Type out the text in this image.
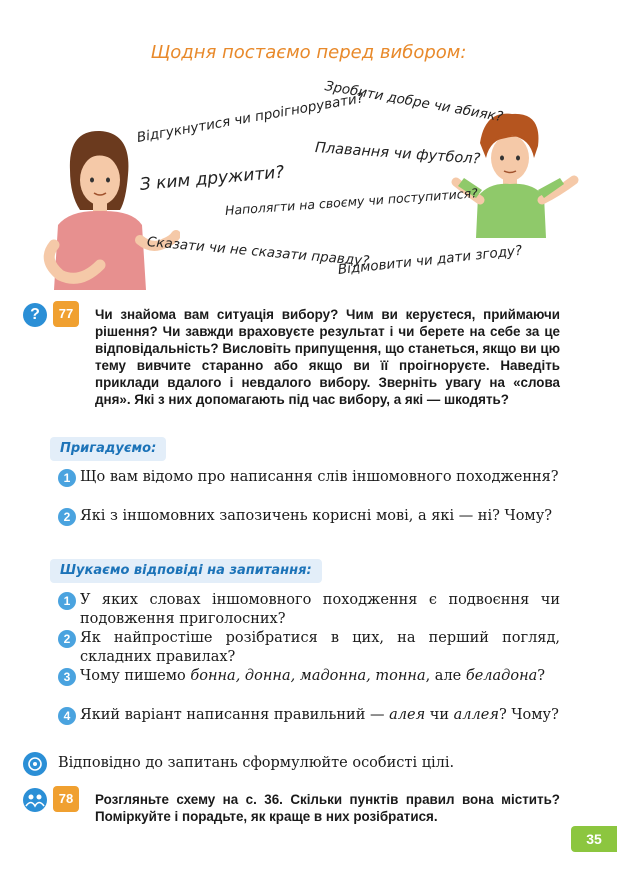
Щодня постаємо перед вибором:
Зробити добре чи абияк?
Відгукнутися чи проігнорувати?
Плавання чи футбол?
З ким дружити?
Наполягти на своєму чи поступитися?
Сказати чи не сказати правду?
Відмовити чи дати згоду?
?	77	Чи знайома вам ситуація вибору? Чим ви керуєтеся, приймаючи рішення? Чи завжди враховуєте результат і чи берете на себе за це відповідальність? Висловіть припущення, що станеться, якщо ви цю тему вивчите старанно або якщо ви її проігноруєте. Наведіть приклади вдалого і невдалого вибору. Зверніть увагу на «слова дня». Які з них допомагають під час вибору, а які — шкодять?
Пригадуємо:
1 Що вам відомо про написання слів іншомовного походження?
2 Які з іншомовних запозичень корисні мові, а які — ні? Чому?
Шукаємо відповіді на запитання:
1 У яких словах іншомовного походження є подвоєння чи подовження приголосних?
2 Як найпростіше розібратися в цих, на перший погляд, складних правилах?
3 Чому пишемо бонна, донна, мадонна, тонна, але беладона?
4 Який варіант написання правильний — алея чи аллея? Чому?
Відповідно до запитань сформулюйте особисті цілі.
78	Розгляньте схему на с. 36. Скільки пунктів правил вона містить? Поміркуйте і порадьте, як краще в них розібратися.
35
